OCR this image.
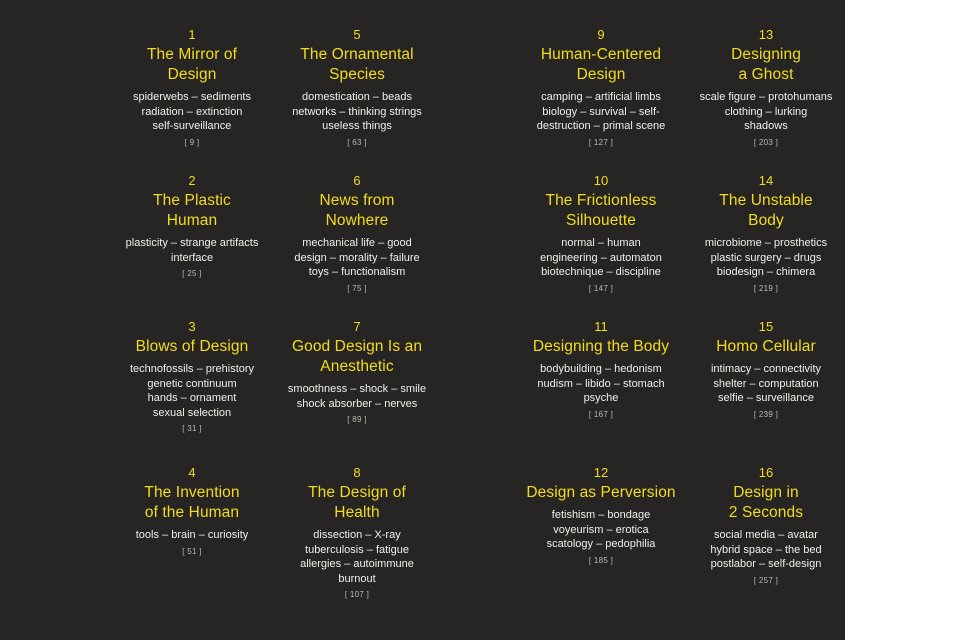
1
The Mirror of
Design
spiderwebs – sediments
radiation – extinction
self-surveillance
[ 9 ]
2
The Plastic
Human
plasticity – strange artifacts
interface
[ 25 ]
3
Blows of Design
technofossils – prehistory
genetic continuum
hands – ornament
sexual selection
[ 31 ]
4
The Invention
of the Human
tools – brain – curiosity
[ 51 ]
5
The Ornamental
Species
domestication – beads
networks – thinking strings
useless things
[ 63 ]
6
News from
Nowhere
mechanical life – good
design – morality – failure
toys – functionalism
[ 75 ]
7
Good Design Is an
Anesthetic
smoothness – shock – smile
shock absorber – nerves
[ 89 ]
8
The Design of
Health
dissection – X-ray
tuberculosis – fatigue
allergies – autoimmune
burnout
[ 107 ]
9
Human-Centered
Design
camping – artificial limbs
biology – survival – self-
destruction – primal scene
[ 127 ]
10
The Frictionless
Silhouette
normal – human
engineering – automaton
biotechnique – discipline
[ 147 ]
11
Designing the Body
bodybuilding – hedonism
nudism – libido – stomach
psyche
[ 167 ]
12
Design as Perversion
fetishism – bondage
voyeurism – erotica
scatology – pedophilia
[ 185 ]
13
Designing
a Ghost
scale figure – protohumans
clothing – lurking
shadows
[ 203 ]
14
The Unstable
Body
microbiome – prosthetics
plastic surgery – drugs
biodesign – chimera
[ 219 ]
15
Homo Cellular
intimacy – connectivity
shelter – computation
selfie – surveillance
[ 239 ]
16
Design in
2 Seconds
social media – avatar
hybrid space – the bed
postlabor – self-design
[ 257 ]
